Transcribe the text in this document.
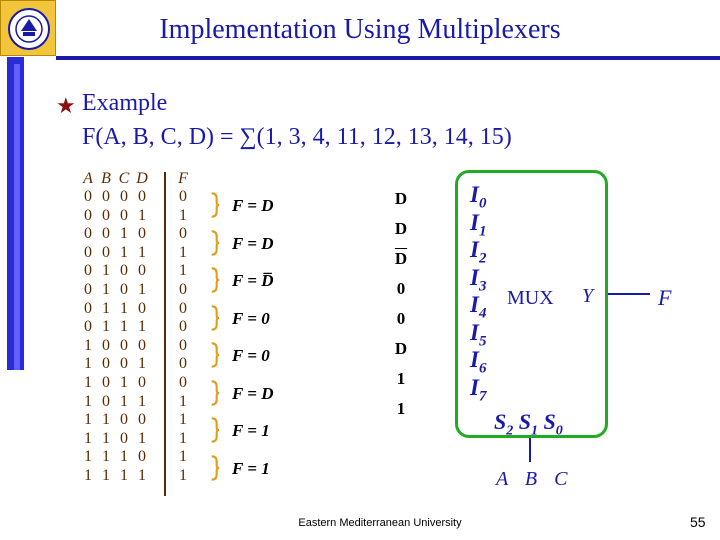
Implementation Using Multiplexers
★ Example
F(A, B, C, D) = ∑(1, 3, 4, 11, 12, 13, 14, 15)
MUX Y
$S_2$ $S_1$ $S_0$
A B C
F
Eastern Mediterranean University	55
A B C D	F
0 0 0 0	0
0 0 0 1	1
0 0 1 0	0
0 0 1 1	1
0 1 0 0	1
0 1 0 1	0
0 1 1 0	0
0 1 1 1	0
1 0 0 0	0
1 0 0 1	0
1 0 1 0	0
1 0 1 1	1
1 1 0 0	1
1 1 0 1	1
1 1 1 0	1
1 1 1 1	1
F = D
F = D
F = D̅
F = 0
F = 0
F = D
F = 1
F = 1
D
D
$\overline{D}$
0
0
D
1
1
$I_0$
$I_1$
$I_2$
$I_3$
$I_4$
$I_5$
$I_6$
$I_7$
